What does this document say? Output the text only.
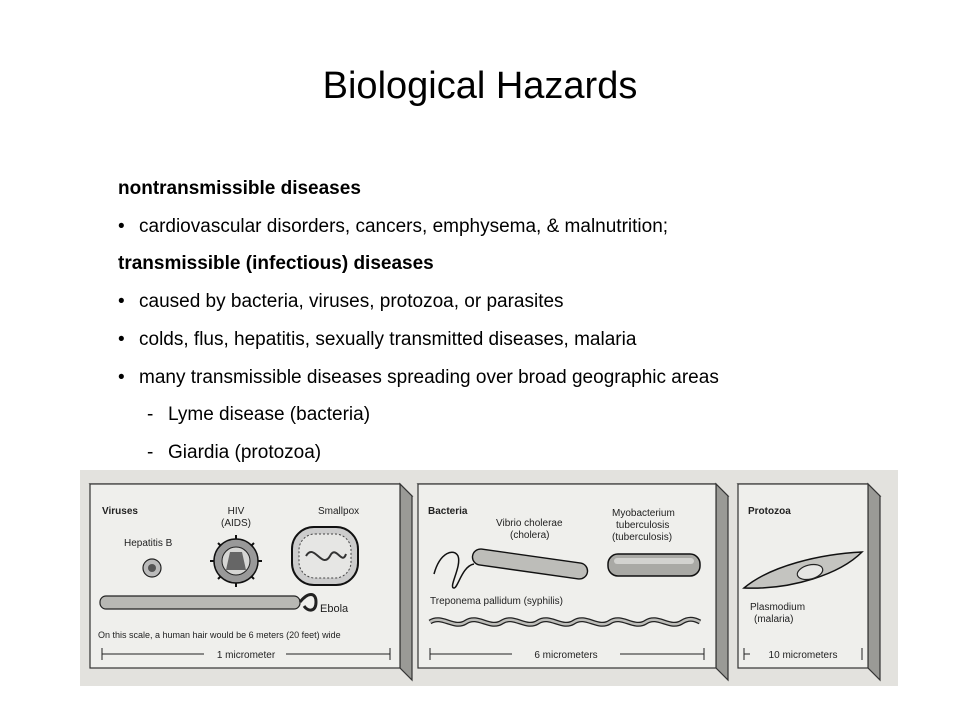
Biological Hazards
nontransmissible diseases
• cardiovascular disorders, cancers, emphysema, & malnutrition;
transmissible (infectious) diseases
• caused by bacteria, viruses, protozoa, or parasites
• colds, flus, hepatitis, sexually transmitted diseases, malaria
• many transmissible diseases spreading over broad geographic areas
- Lyme disease (bacteria)
- Giardia (protozoa)
Viruses
Hepatitis B
HIV
(AIDS)
Smallpox
Ebola
On this scale, a human hair would be 6 meters (20 feet) wide
1 micrometer
Bacteria
Vibrio cholerae
(cholera)
Myobacterium
tuberculosis
(tuberculosis)
Treponema pallidum (syphilis)
6 micrometers
Protozoa
Plasmodium
(malaria)
10 micrometers
